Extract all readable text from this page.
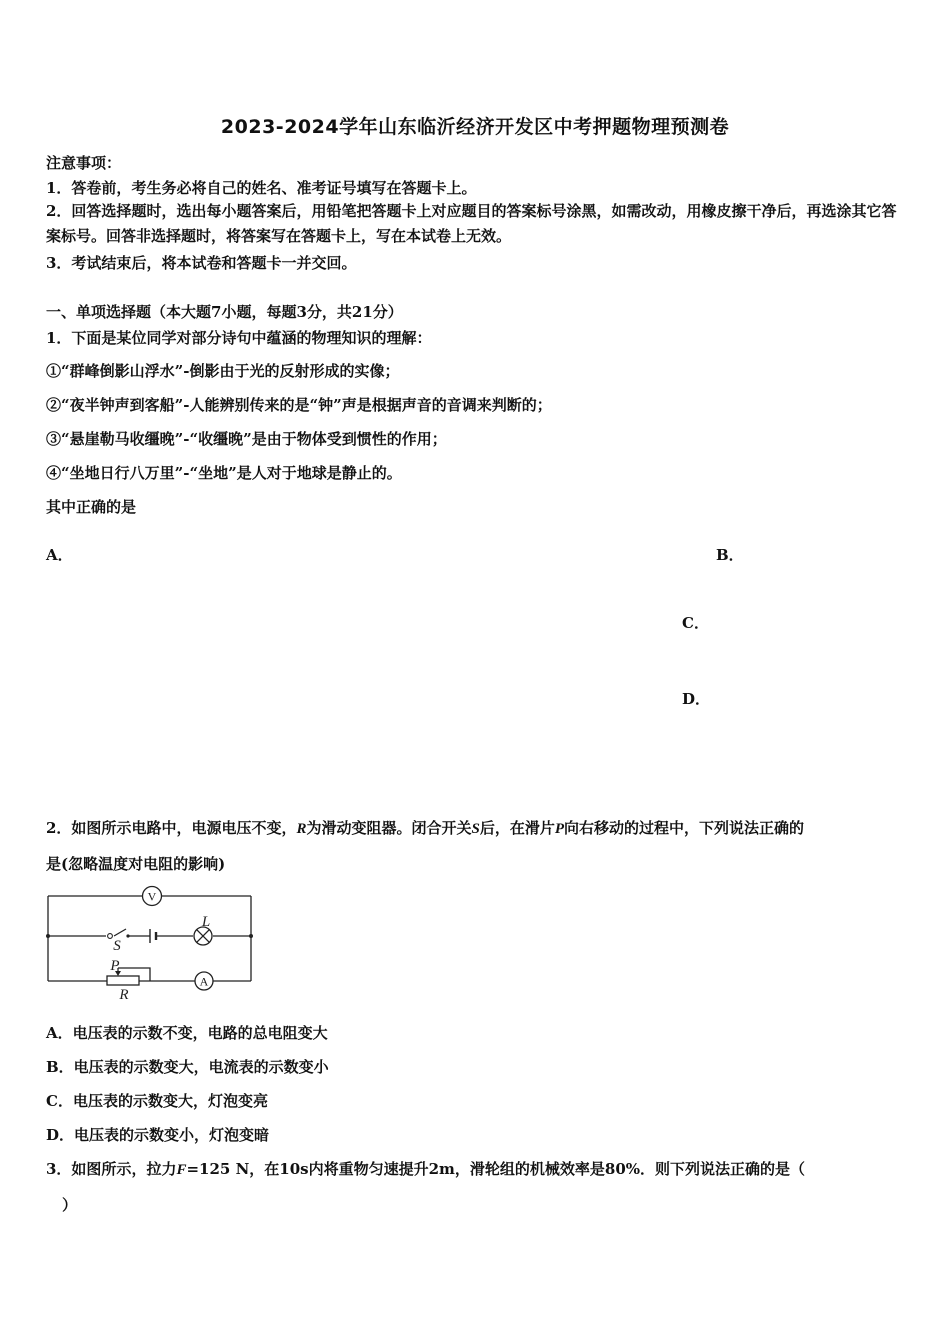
2023-2024学年山东临沂经济开发区中考押题物理预测卷
注意事项：
1．答卷前，考生务必将自己的姓名、准考证号填写在答题卡上。
2．回答选择题时，选出每小题答案后，用铅笔把答题卡上对应题目的答案标号涂黑，如需改动，用橡皮擦干净后，再选涂其它答案标号。回答非选择题时，将答案写在答题卡上，写在本试卷上无效。
3．考试结束后，将本试卷和答题卡一并交回。
一、单项选择题（本大题7小题，每题3分，共21分）
1．下面是某位同学对部分诗句中蕴涵的物理知识的理解：
①“群峰倒影山浮水”-倒影由于光的反射形成的实像；
②“夜半钟声到客船”-人能辨别传来的是“钟”声是根据声音的音调来判断的；
③“悬崖勒马收缰晚”-“收缰晚”是由于物体受到惯性的作用；
④“坐地日行八万里”-“坐地”是人对于地球是静止的。
其中正确的是
A．	B．
C．
D．
2．如图所示电路中，电源电压不变，R为滑动变阻器。闭合开关S后，在滑片P向右移动的过程中，下列说法正确的
是(忽略温度对电阻的影响)
V
A
L
S
P
R
A．电压表的示数不变，电路的总电阻变大
B．电压表的示数变大，电流表的示数变小
C．电压表的示数变大，灯泡变亮
D．电压表的示数变小，灯泡变暗
3．如图所示，拉力F=125 N，在10s内将重物匀速提升2m，滑轮组的机械效率是80%．则下列说法正确的是（
）
